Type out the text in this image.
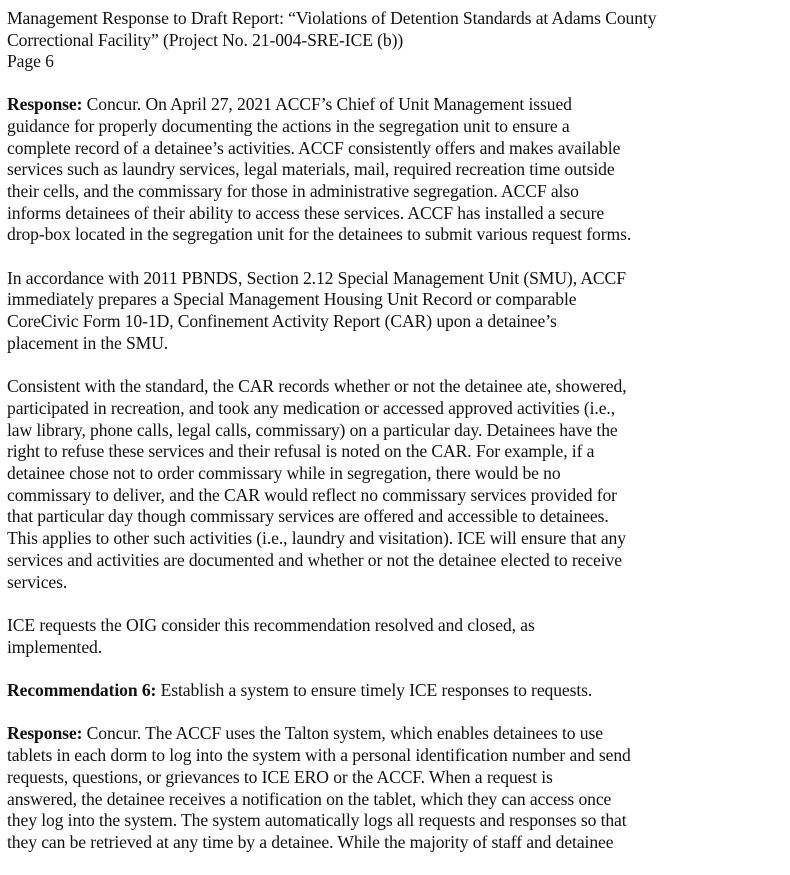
Management Response to Draft Report: “Violations of Detention Standards at Adams County
Correctional Facility” (Project No. 21-004-SRE-ICE (b))
Page 6

Response: Concur. On April 27, 2021 ACCF’s Chief of Unit Management issued
guidance for properly documenting the actions in the segregation unit to ensure a
complete record of a detainee’s activities. ACCF consistently offers and makes available
services such as laundry services, legal materials, mail, required recreation time outside
their cells, and the commissary for those in administrative segregation. ACCF also
informs detainees of their ability to access these services. ACCF has installed a secure
drop-box located in the segregation unit for the detainees to submit various request forms.

In accordance with 2011 PBNDS, Section 2.12 Special Management Unit (SMU), ACCF
immediately prepares a Special Management Housing Unit Record or comparable
CoreCivic Form 10-1D, Confinement Activity Report (CAR) upon a detainee’s
placement in the SMU.

Consistent with the standard, the CAR records whether or not the detainee ate, showered,
participated in recreation, and took any medication or accessed approved activities (i.e.,
law library, phone calls, legal calls, commissary) on a particular day. Detainees have the
right to refuse these services and their refusal is noted on the CAR. For example, if a
detainee chose not to order commissary while in segregation, there would be no
commissary to deliver, and the CAR would reflect no commissary services provided for
that particular day though commissary services are offered and accessible to detainees.
This applies to other such activities (i.e., laundry and visitation). ICE will ensure that any
services and activities are documented and whether or not the detainee elected to receive
services.

ICE requests the OIG consider this recommendation resolved and closed, as
implemented.

Recommendation 6: Establish a system to ensure timely ICE responses to requests.

Response: Concur. The ACCF uses the Talton system, which enables detainees to use
tablets in each dorm to log into the system with a personal identification number and send
requests, questions, or grievances to ICE ERO or the ACCF. When a request is
answered, the detainee receives a notification on the tablet, which they can access once
they log into the system. The system automatically logs all requests and responses so that
they can be retrieved at any time by a detainee. While the majority of staff and detainee
